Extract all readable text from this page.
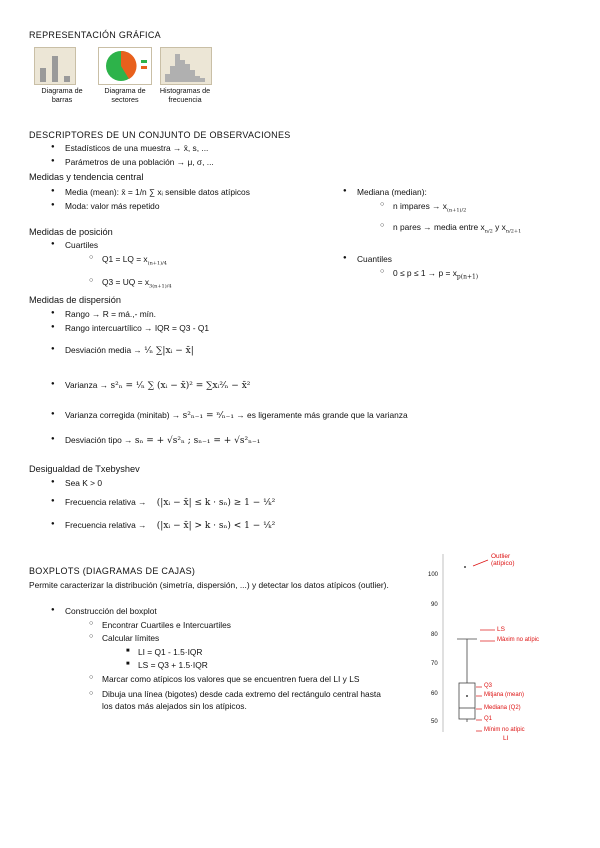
REPRESENTACIÓN GRÁFICA
Diagrama de barras
Diagrama de sectores
Histogramas de frecuencia
DESCRIPTORES DE UN CONJUNTO DE OBSERVACIONES
● Estadísticos de una muestra → x̄, s, ...
● Parámetros de una población → μ, σ, ...
Medidas y tendencia central
● Media (mean): x̄ = 1/n ∑ xᵢ sensible datos atípicos
● Moda: valor más repetido
● Mediana (median):
○ n impares → $x_{(n+1)/2}$
○ n pares → media entre $x_{n/2}$ y $x_{n/2+1}$
Medidas de posición
● Cuartiles
○ Q1 = LQ = $x_{(n+1)/4}$
○ Q3 = UQ = $x_{3(n+1)/4}$
● Cuantiles
○ $0 \le p \le 1 \to p = x_{p(n+1)}$
Medidas de dispersión
● Rango → R = má.,- mín.
● Rango intercuartílico → IQR = Q3 - Q1
● Desviación media → ¹⁄ₙ ∑|xᵢ − x̄|
● Varianza → s²ₙ = ¹⁄ₙ ∑ (xᵢ − x̄)² = ∑xᵢ²⁄ₙ − x̄²
● Varianza corregida (minitab) → s²ₙ₋₁ = ⁿ⁄ₙ₋₁ → es ligeramente más grande que la varianza
● Desviación tipo → sₙ = + √s²ₙ ; sₙ₋₁ = + √s²ₙ₋₁
Desigualdad de Txebyshev
● Sea K > 0
● Frecuencia relativa → (|xᵢ − x̄| ≤ k · sₙ) ≥ 1 − ¹⁄ₖ²
● Frecuencia relativa → (|xᵢ − x̄| > k · sₙ) < 1 − ¹⁄ₖ²
BOXPLOTS (DIAGRAMAS DE CAJAS)
Permite caracterizar la distribución (simetría, dispersión, ...) y detectar los datos atípicos (outlier).
● Construcción del boxplot
○ Encontrar Cuartiles e Intercuartiles
○ Calcular límites
■ LI = Q1 - 1.5·IQR
■ LS = Q3 + 1.5·IQR
○ Marcar como atípicos los valores que se encuentren fuera del LI y LS
○ Dibuja una línea (bigotes) desde cada extremo del rectángulo central hasta los datos más alejados sin los atípicos.
100
90
80
70
60
50
Outlier
(atípico)
LS
Màxim no atípic
Q3
Mitjana (mean)
Mediana (Q2)
Q1
Mínim no atípic
LI
